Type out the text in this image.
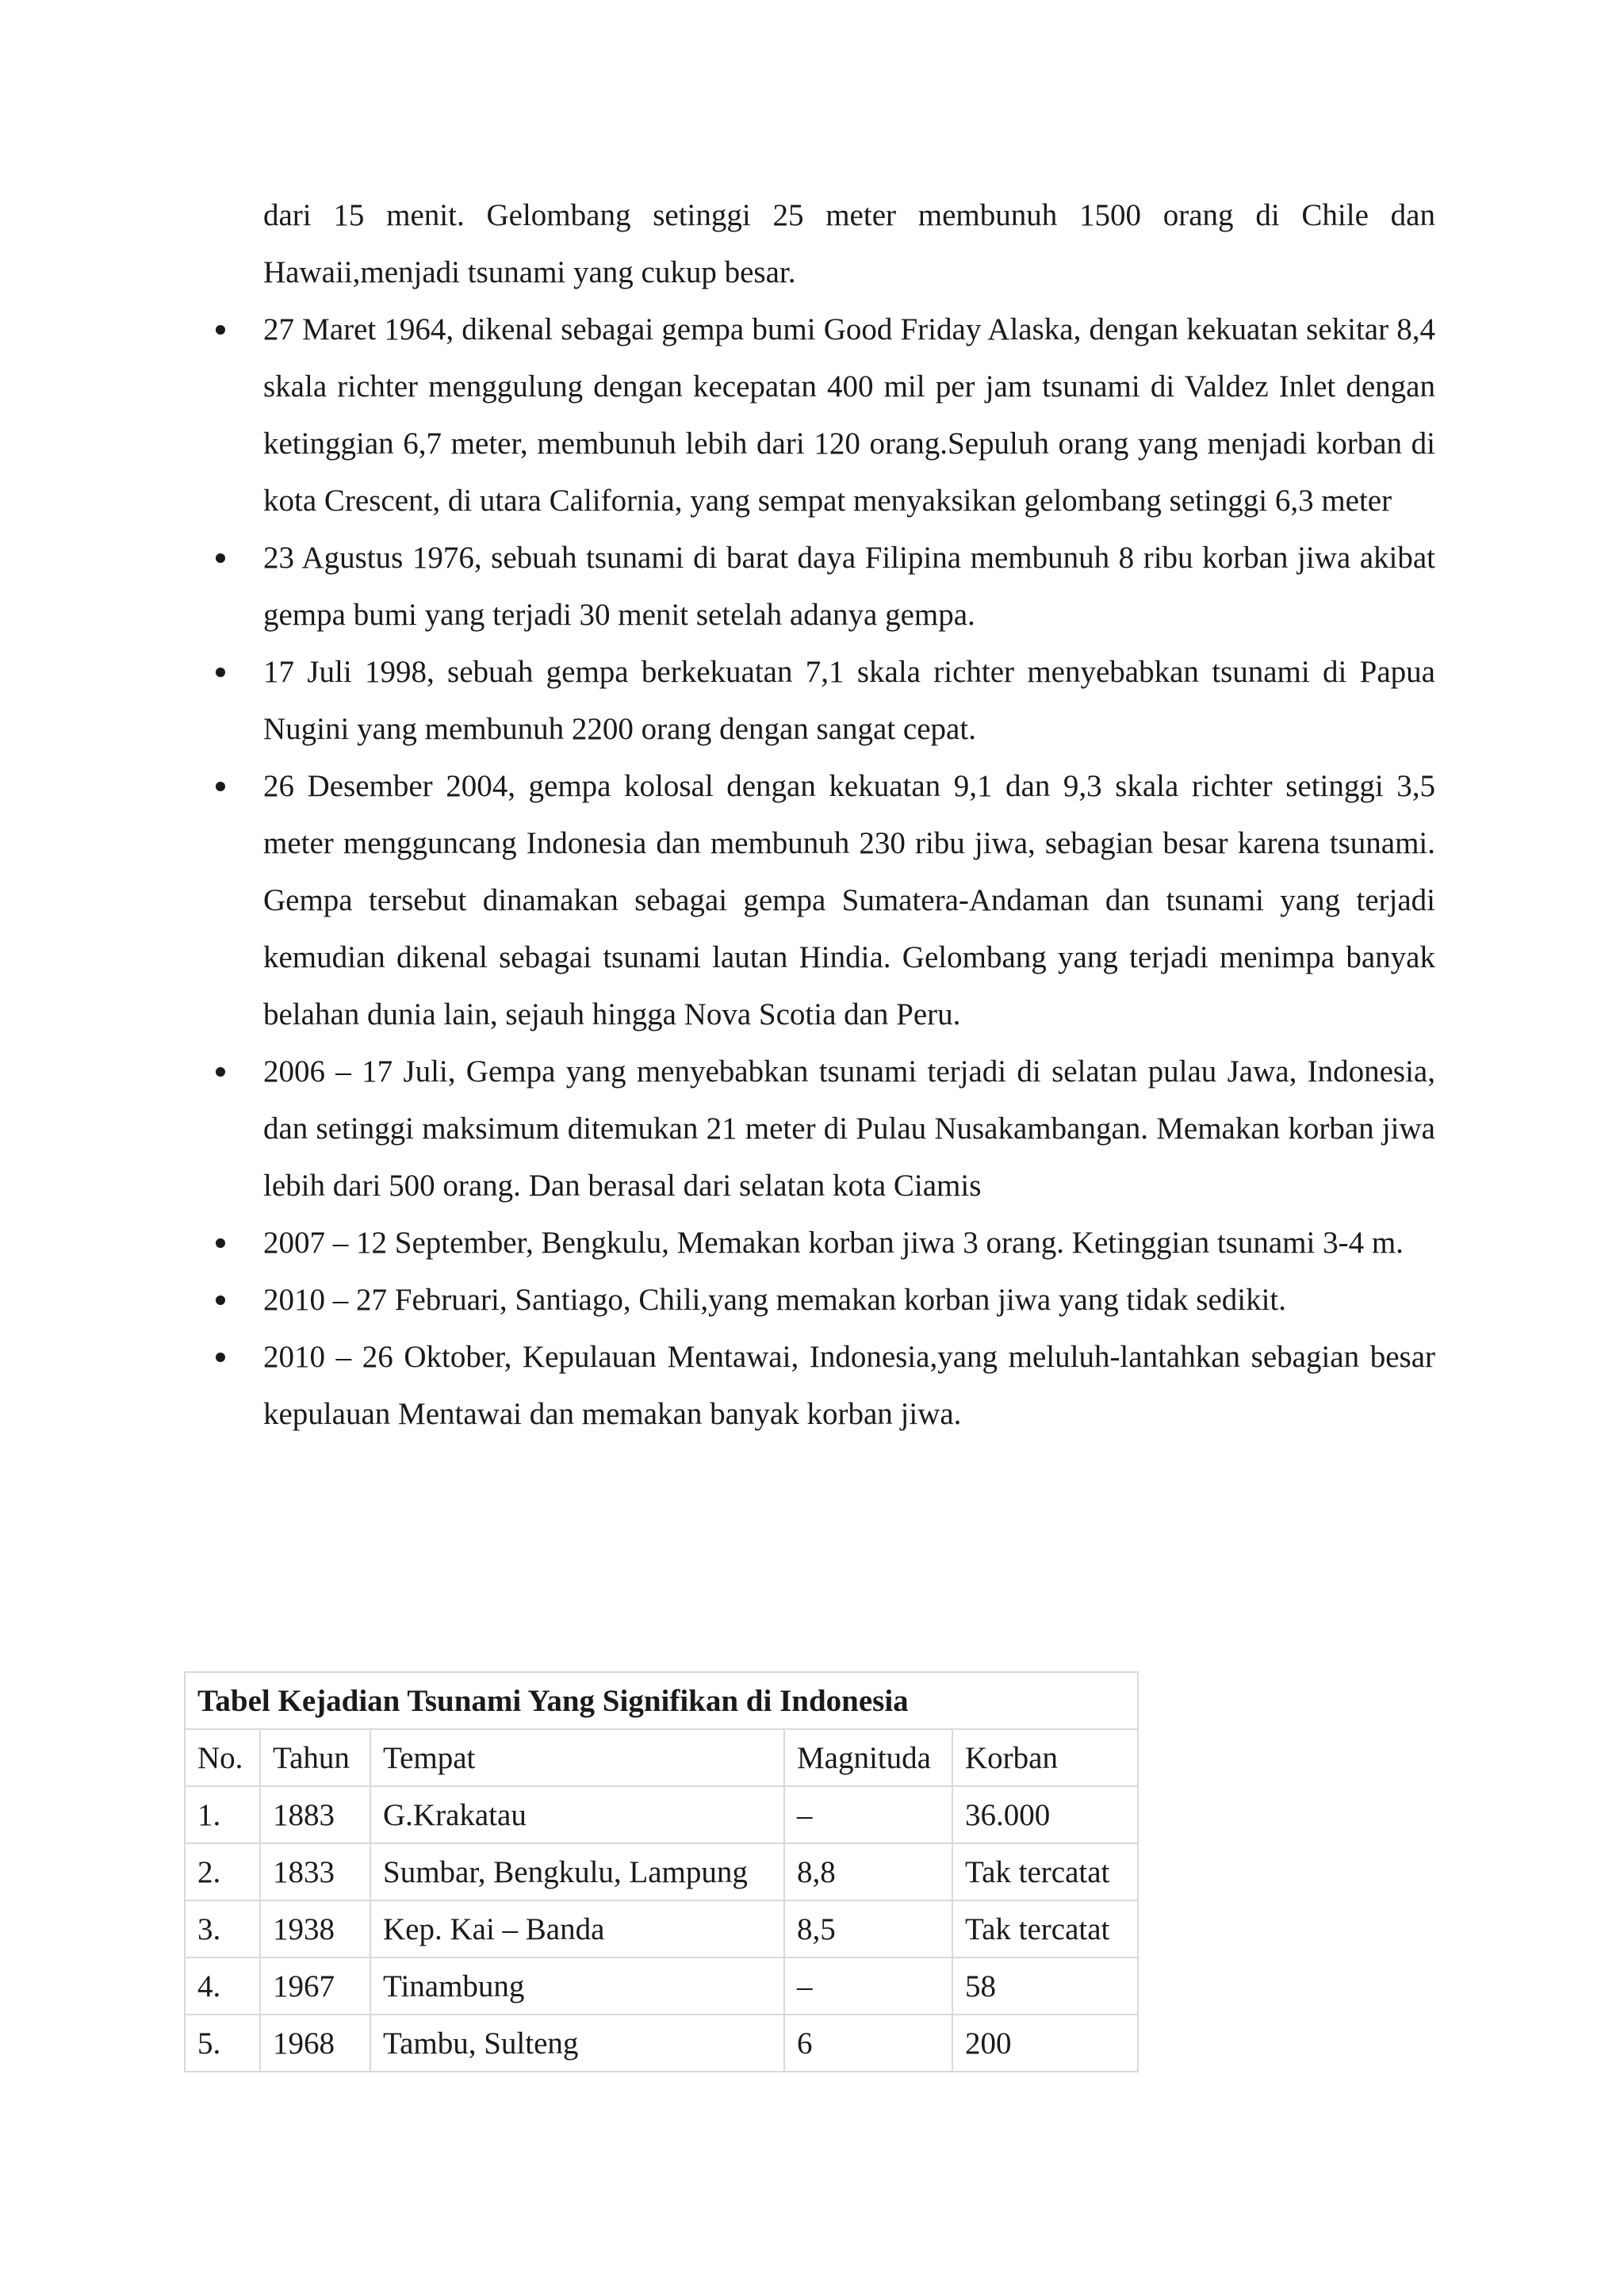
dari 15 menit. Gelombang setinggi 25 meter membunuh 1500 orang di Chile dan Hawaii,menjadi tsunami yang cukup besar.

27 Maret 1964, dikenal sebagai gempa bumi Good Friday Alaska, dengan kekuatan sekitar 8,4 skala richter menggulung dengan kecepatan 400 mil per jam tsunami di Valdez Inlet dengan ketinggian 6,7 meter, membunuh lebih dari 120 orang.Sepuluh orang yang menjadi korban di kota Crescent, di utara California, yang sempat menyaksikan gelombang setinggi 6,3 meter
23 Agustus 1976, sebuah tsunami di barat daya Filipina membunuh 8 ribu korban jiwa akibat gempa bumi yang terjadi 30 menit setelah adanya gempa.
17 Juli 1998, sebuah gempa berkekuatan 7,1 skala richter menyebabkan tsunami di Papua Nugini yang membunuh 2200 orang dengan sangat cepat.
26 Desember 2004, gempa kolosal dengan kekuatan 9,1 dan 9,3 skala richter setinggi 3,5 meter mengguncang Indonesia dan membunuh 230 ribu jiwa, sebagian besar karena tsunami. Gempa tersebut dinamakan sebagai gempa Sumatera-Andaman dan tsunami yang terjadi kemudian dikenal sebagai tsunami lautan Hindia. Gelombang yang terjadi menimpa banyak belahan dunia lain, sejauh hingga Nova Scotia dan Peru.
2006 – 17 Juli, Gempa yang menyebabkan tsunami terjadi di selatan pulau Jawa, Indonesia, dan setinggi maksimum ditemukan 21 meter di Pulau Nusakambangan. Memakan korban jiwa lebih dari 500 orang. Dan berasal dari selatan kota Ciamis
2007 – 12 September, Bengkulu, Memakan korban jiwa 3 orang. Ketinggian tsunami 3-4 m.
2010 – 27 Februari, Santiago, Chili,yang memakan korban jiwa yang tidak sedikit.
2010 – 26 Oktober, Kepulauan Mentawai, Indonesia,yang meluluh-lantahkan sebagian besar kepulauan Mentawai dan memakan banyak korban jiwa.
Tabel Kejadian Tsunami Yang Signifikan di Indonesia				
No.	Tahun	Tempat	Magnituda	Korban
1.	1883	G.Krakatau	–	36.000
2.	1833	Sumbar, Bengkulu, Lampung	8,8	Tak tercatat
3.	1938	Kep. Kai – Banda	8,5	Tak tercatat
4.	1967	Tinambung	–	58
5.	1968	Tambu, Sulteng	6	200
